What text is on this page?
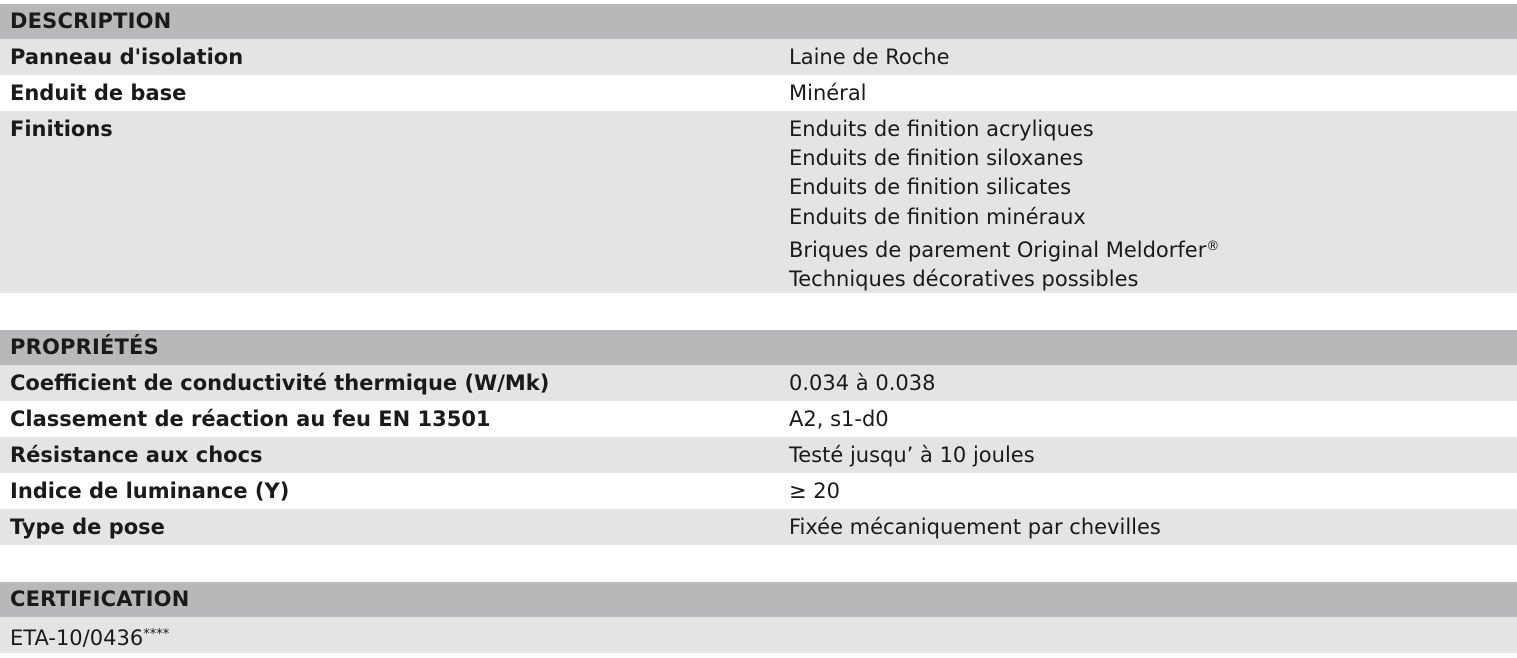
DESCRIPTION
Panneau d'isolation	Laine de Roche
Enduit de base	Minéral
Finitions	Enduits de finition acryliques
Enduits de finition siloxanes
Enduits de finition silicates
Enduits de finition minéraux
Briques de parement Original Meldorfer®
Techniques décoratives possibles
PROPRIÉTÉS
Coefficient de conductivité thermique (W/Mk)	0.034 à 0.038
Classement de réaction au feu EN 13501	A2, s1-d0
Résistance aux chocs	Testé jusqu’ à 10 joules
Indice de luminance (Y)	≥ 20
Type de pose	Fixée mécaniquement par chevilles
CERTIFICATION
ETA-10/0436****
